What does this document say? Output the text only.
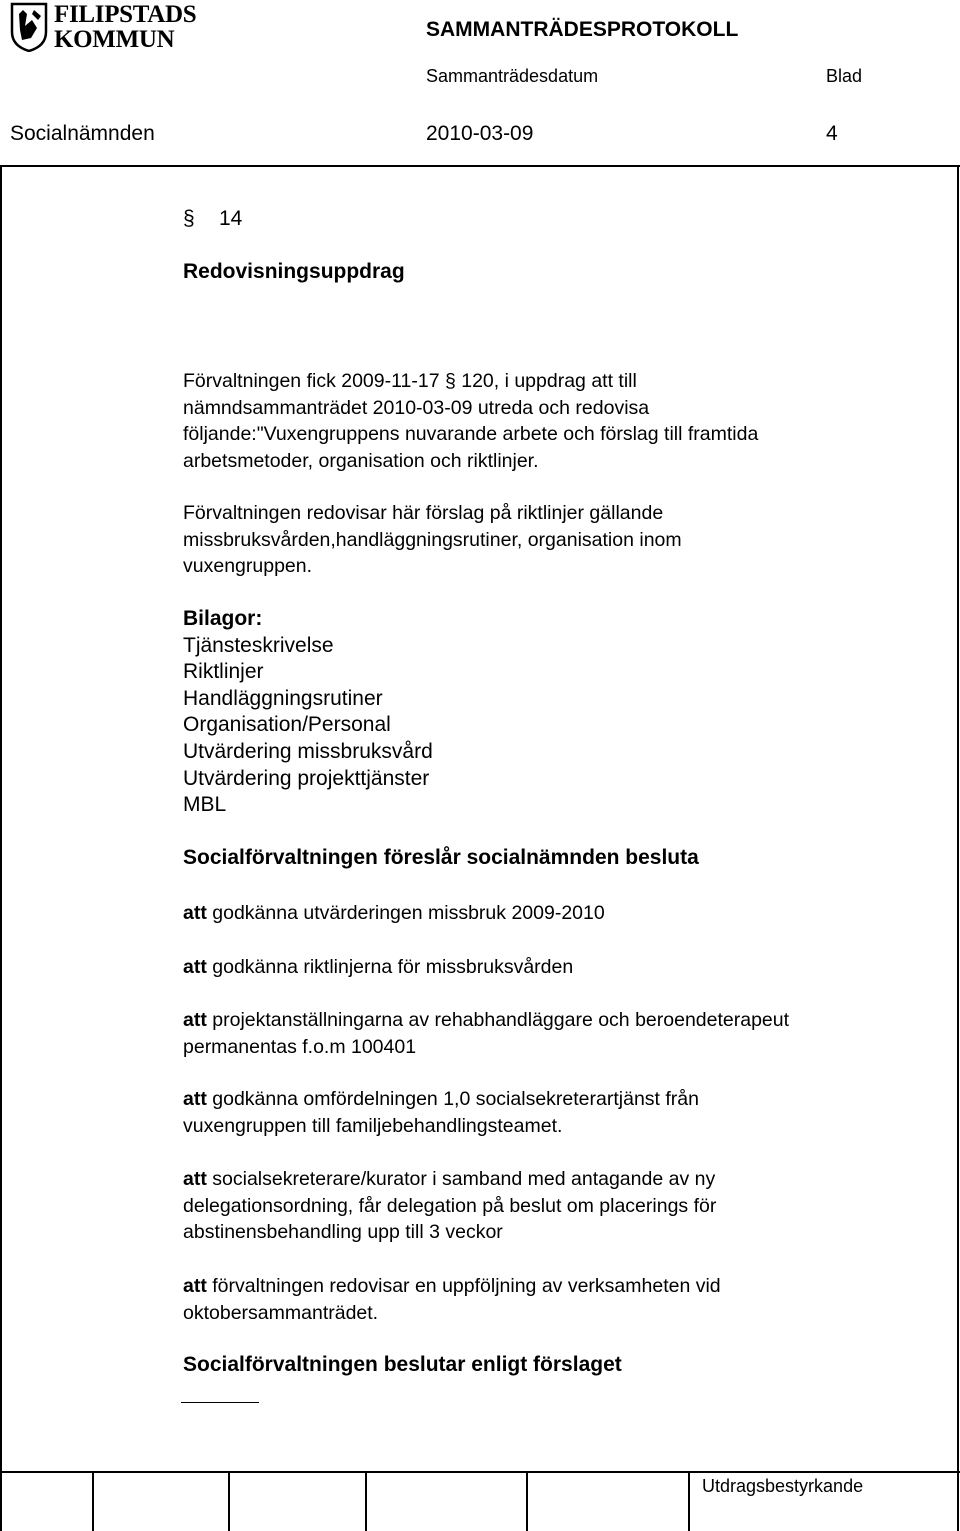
FILIPSTADS
KOMMUN	SAMMANTRÄDESPROTOKOLL
Sammanträdesdatum	Blad
Socialnämnden	2010-03-09	4
§ 14
Redovisningsuppdrag

Förvaltningen fick 2009-11-17 § 120, i uppdrag att till

nämndsammanträdet 2010-03-09 utreda och redovisa

följande:"Vuxengruppens nuvarande arbete och förslag till framtida

arbetsmetoder, organisation och riktlinjer.

Förvaltningen redovisar här förslag på riktlinjer gällande

missbruksvården,handläggningsrutiner, organisation inom

vuxengruppen.

Bilagor:
Tjänsteskrivelse
Riktlinjer
Handläggningsrutiner
Organisation/Personal
Utvärdering missbruksvård
Utvärdering projekttjänster
MBL
Socialförvaltningen föreslår socialnämnden besluta

att godkänna utvärderingen missbruk 2009-2010

att godkänna riktlinjerna för missbruksvården

att projektanställningarna av rehabhandläggare och beroendeterapeut

permanentas f.o.m 100401

att godkänna omfördelningen 1,0 socialsekreterartjänst från

vuxengruppen till familjebehandlingsteamet.

att socialsekreterare/kurator i samband med antagande av ny

delegationsordning, får delegation på beslut om placerings för

abstinensbehandling upp till 3 veckor

att förvaltningen redovisar en uppföljning av verksamheten vid

oktobersammanträdet.

Socialförvaltningen beslutar enligt förslaget
Utdragsbestyrkande
